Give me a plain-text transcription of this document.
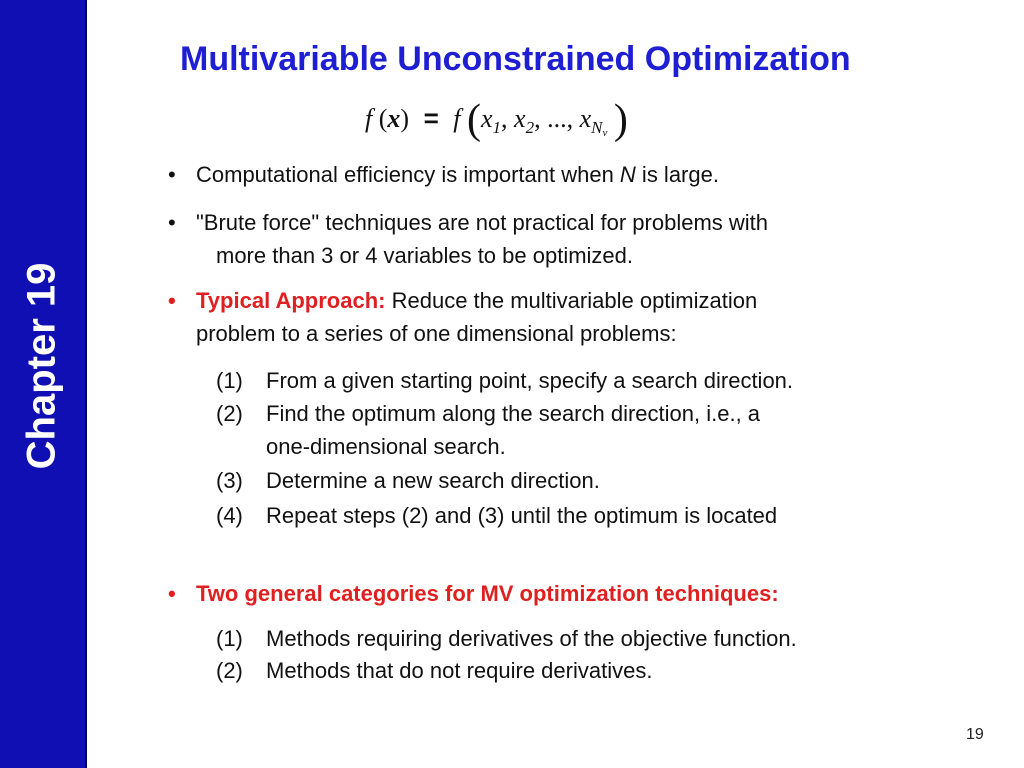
Chapter 19
Multivariable Unconstrained Optimization
f (x) = f ($x_1$, $x_2$, ..., $x_{Nv}$ )
• Computational efficiency is important when N is large.
• "Brute force" techniques are not practical for problems with
more than 3 or 4 variables to be optimized.
• Typical Approach: Reduce the multivariable optimization
problem to a series of one dimensional problems:
(1) From a given starting point, specify a search direction.
(2) Find the optimum along the search direction, i.e., a
one-dimensional search.
(3) Determine a new search direction.
(4) Repeat steps (2) and (3) until the optimum is located
• Two general categories for MV optimization techniques:
(1) Methods requiring derivatives of the objective function.
(2) Methods that do not require derivatives.
19
